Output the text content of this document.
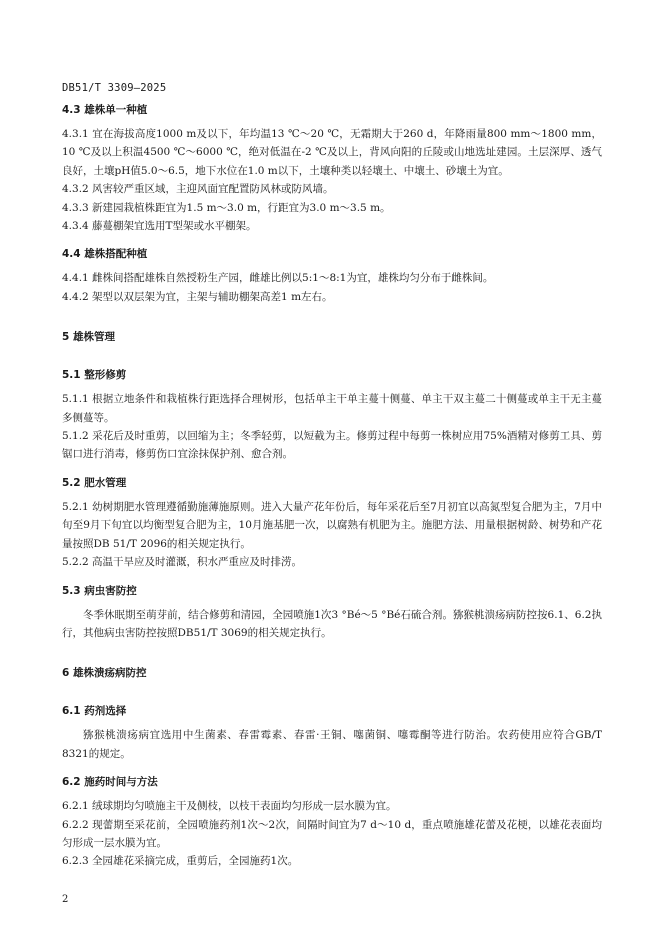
DB51/T 3309—2025
4.3 雄株单一种植

4.3.1 宜在海拔高度1000 m及以下，年均温13 ℃～20 ℃，无霜期大于260 d，年降雨量800 mm～1800 mm，10 ℃及以上积温4500 ℃～6000 ℃，绝对低温在-2 ℃及以上，背风向阳的丘陵或山地选址建园。土层深厚、透气良好，土壤pH值5.0～6.5，地下水位在1.0 m以下，土壤种类以轻壤土、中壤土、砂壤土为宜。

4.3.2 风害较严重区域，主迎风面宜配置防风林或防风墙。

4.3.3 新建园栽植株距宜为1.5 m～3.0 m，行距宜为3.0 m～3.5 m。

4.3.4 藤蔓棚架宜选用T型架或水平棚架。

4.4 雄株搭配种植

4.4.1 雌株间搭配雄株自然授粉生产园，雌雄比例以5:1～8:1为宜，雄株均匀分布于雌株间。

4.4.2 架型以双层架为宜，主架与辅助棚架高差1 m左右。

5 雄株管理
5.1 整形修剪

5.1.1 根据立地条件和栽植株行距选择合理树形，包括单主干单主蔓十侧蔓、单主干双主蔓二十侧蔓或单主干无主蔓多侧蔓等。

5.1.2 采花后及时重剪，以回缩为主；冬季轻剪，以短截为主。修剪过程中每剪一株树应用75%酒精对修剪工具、剪锯口进行消毒，修剪伤口宜涂抹保护剂、愈合剂。

5.2 肥水管理

5.2.1 幼树期肥水管理遵循勤施薄施原则。进入大量产花年份后，每年采花后至7月初宜以高氮型复合肥为主，7月中旬至9月下旬宜以均衡型复合肥为主，10月施基肥一次，以腐熟有机肥为主。施肥方法、用量根据树龄、树势和产花量按照DB 51/T 2096的相关规定执行。

5.2.2 高温干旱应及时灌溉，积水严重应及时排涝。

5.3 病虫害防控

冬季休眠期至萌芽前，结合修剪和清园，全园喷施1次3 °Bé～5 °Bé石硫合剂。猕猴桃溃疡病防控按6.1、6.2执行，其他病虫害防控按照DB51/T 3069的相关规定执行。

6 雄株溃疡病防控
6.1 药剂选择

猕猴桃溃疡病宜选用中生菌素、春雷霉素、春雷·王铜、噻菌铜、噻霉酮等进行防治。农药使用应符合GB/T 8321的规定。

6.2 施药时间与方法

6.2.1 绒球期均匀喷施主干及侧枝，以枝干表面均匀形成一层水膜为宜。

6.2.2 现蕾期至采花前，全园喷施药剂1次～2次，间隔时间宜为7 d～10 d，重点喷施雄花蕾及花梗，以雄花表面均匀形成一层水膜为宜。

6.2.3 全园雄花采摘完成，重剪后，全园施药1次。

2
